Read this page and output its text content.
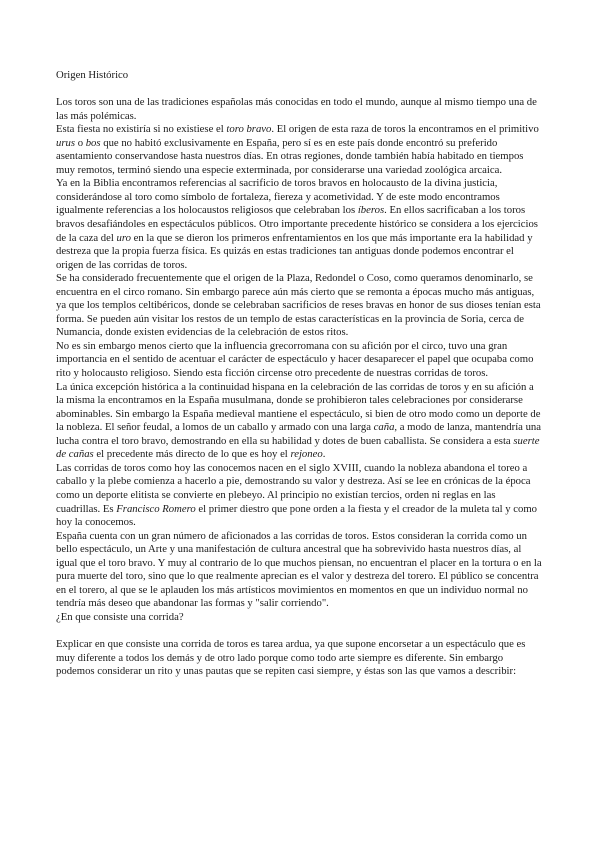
Origen Histórico

Los toros son una de las tradiciones españolas más conocidas en todo el mundo, aunque al mismo tiempo una de las más polémicas.

Esta fiesta no existiría si no existiese el toro bravo. El origen de esta raza de toros la encontramos en el primitivo urus o bos que no habitó exclusivamente en España, pero sí es en este país donde encontró su preferido asentamiento conservandose hasta nuestros días. En otras regiones, donde también había habitado en tiempos muy remotos, terminó siendo una especie exterminada, por considerarse una variedad zoológica arcaica.

Ya en la Biblia encontramos referencias al sacrificio de toros bravos en holocausto de la divina justicia, considerándose al toro como símbolo de fortaleza, fiereza y acometividad. Y de este modo encontramos igualmente referencias a los holocaustos religiosos que celebraban los íberos. En ellos sacrificaban a los toros bravos desafiándoles en espectáculos públicos. Otro importante precedente histórico se considera a los ejercicios de la caza del uro en la que se dieron los primeros enfrentamientos en los que más importante era la habilidad y destreza que la propia fuerza física. Es quizás en estas tradiciones tan antiguas donde podemos encontrar el origen de las corridas de toros.

Se ha considerado frecuentemente que el origen de la Plaza, Redondel o Coso, como queramos denominarlo, se encuentra en el circo romano. Sin embargo parece aún más cierto que se remonta a épocas mucho más antiguas, ya que los templos celtibéricos, donde se celebraban sacrificios de reses bravas en honor de sus dioses tenían esta forma. Se pueden aún visitar los restos de un templo de estas características en la provincia de Soria, cerca de Numancia, donde existen evidencias de la celebración de estos ritos.

No es sin embargo menos cierto que la influencia grecorromana con su afición por el circo, tuvo una gran importancia en el sentido de acentuar el carácter de espectáculo y hacer desaparecer el papel que ocupaba como rito y holocausto religioso. Siendo esta ficción circense otro precedente de nuestras corridas de toros.

La única excepción histórica a la continuidad hispana en la celebración de las corridas de toros y en su afición a la misma la encontramos en la España musulmana, donde se prohibieron tales celebraciones por considerarse abominables. Sin embargo la España medieval mantiene el espectáculo, si bien de otro modo como un deporte de la nobleza. El señor feudal, a lomos de un caballo y armado con una larga caña, a modo de lanza, mantendría una lucha contra el toro bravo, demostrando en ella su habilidad y dotes de buen caballista. Se considera a esta suerte de cañas el precedente más directo de lo que es hoy el rejoneo.

Las corridas de toros como hoy las conocemos nacen en el siglo XVIII, cuando la nobleza abandona el toreo a caballo y la plebe comienza a hacerlo a pie, demostrando su valor y destreza. Así se lee en crónicas de la época como un deporte elitista se convierte en plebeyo. Al principio no existían tercios, orden ni reglas en las cuadrillas. Es Francisco Romero el primer diestro que pone orden a la fiesta y el creador de la muleta tal y como hoy la conocemos.

España cuenta con un gran número de aficionados a las corridas de toros. Estos consideran la corrida como un bello espectáculo, un Arte y una manifestación de cultura ancestral que ha sobrevivido hasta nuestros días, al igual que el toro bravo. Y muy al contrario de lo que muchos piensan, no encuentran el placer en la tortura o en la pura muerte del toro, sino que lo que realmente aprecian es el valor y destreza del torero. El público se concentra en el torero, al que se le aplauden los más artísticos movimientos en momentos en que un individuo normal no tendría más deseo que abandonar las formas y "salir corriendo".

¿En que consiste una corrida?

Explicar en que consiste una corrida de toros es tarea ardua, ya que supone encorsetar a un espectáculo que es muy diferente a todos los demás y de otro lado porque como todo arte siempre es diferente. Sin embargo podemos considerar un rito y unas pautas que se repiten casi siempre, y éstas son las que vamos a describir:
